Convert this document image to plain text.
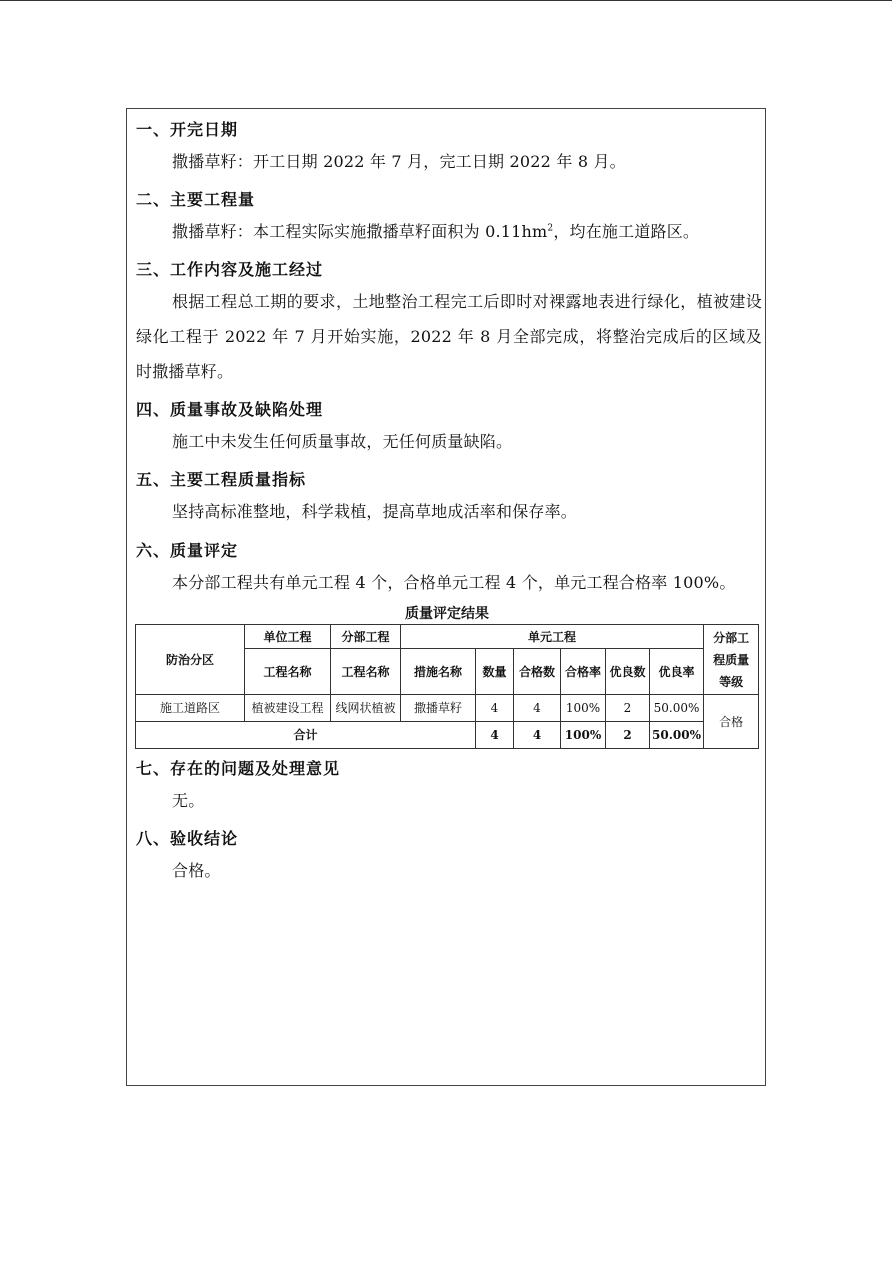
一、开完日期
撒播草籽：开工日期 2022 年 7 月，完工日期 2022 年 8 月。
二、主要工程量
撒播草籽：本工程实际实施撒播草籽面积为 $0.11hm^2$，均在施工道路区。
三、工作内容及施工经过
根据工程总工期的要求，土地整治工程完工后即时对裸露地表进行绿化，植被建设绿化工程于 2022 年 7 月开始实施，2022 年 8 月全部完成，将整治完成后的区域及时撒播草籽。
四、质量事故及缺陷处理
施工中未发生任何质量事故，无任何质量缺陷。
五、主要工程质量指标
坚持高标准整地，科学栽植，提高草地成活率和保存率。
六、质量评定
本分部工程共有单元工程 4 个，合格单元工程 4 个，单元工程合格率 100%。
质量评定结果
防治分区	单位工程	分部工程	单元工程						分部工程质量等级
	工程名称	工程名称	措施名称	数量	合格数	合格率	优良数	优良率	
施工道路区	植被建设工程	线网状植被	撒播草籽	4	4	100%	2	50.00%	合格
合计				4	4	100%	2	50.00%	
七、存在的问题及处理意见
无。
八、验收结论
合格。
